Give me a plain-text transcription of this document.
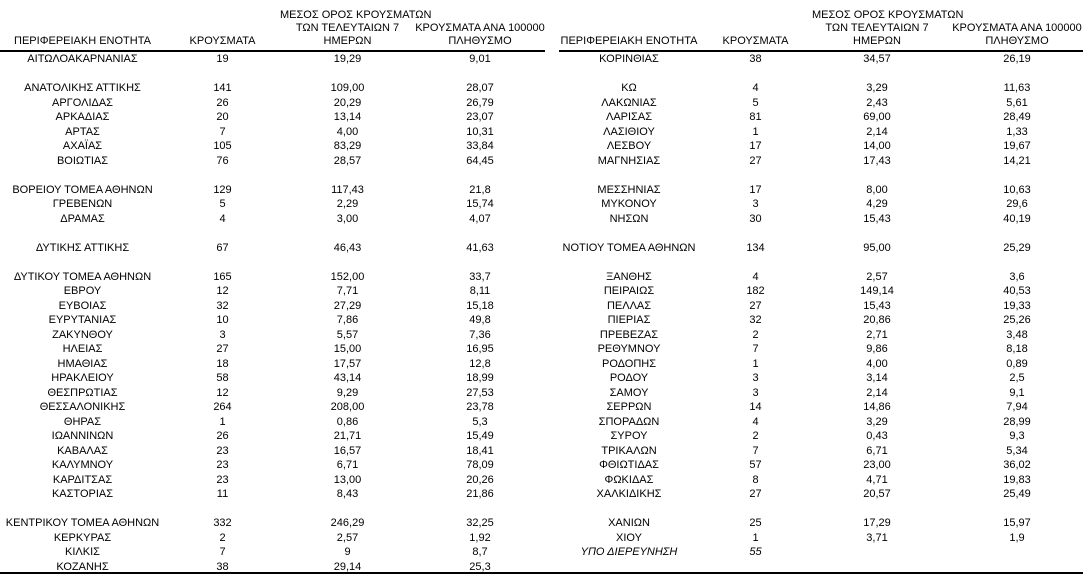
ΠΕΡΙΦΕΡΕΙΑΚΗ ΕΝΟΤΗΤΑ	ΚΡΟΥΣΜΑΤΑ	ΜΕΣΟΣ ΟΡΟΣ ΚΡΟΥΣΜΑΤΩΝ
ΤΩΝ ΤΕΛΕΥΤΑΙΩΝ 7
ΗΜΕΡΩΝ	ΚΡΟΥΣΜΑΤΑ ΑΝΑ 100000
ΠΛΗΘΥΣΜΟ

ΑΙΤΩΛΟΑΚΑΡΝΑΝΙΑΣ	19	19,29	9,01

ΑΝΑΤΟΛΙΚΗΣ ΑΤΤΙΚΗΣ	141	109,00	28,07
ΑΡΓΟΛΙΔΑΣ	26	20,29	26,79
ΑΡΚΑΔΙΑΣ	20	13,14	23,07
ΑΡΤΑΣ	7	4,00	10,31
ΑΧΑΪΑΣ	105	83,29	33,84
ΒΟΙΩΤΙΑΣ	76	28,57	64,45

ΒΟΡΕΙΟΥ ΤΟΜΕΑ ΑΘΗΝΩΝ	129	117,43	21,8
ΓΡΕΒΕΝΩΝ	5	2,29	15,74
ΔΡΑΜΑΣ	4	3,00	4,07

ΔΥΤΙΚΗΣ ΑΤΤΙΚΗΣ	67	46,43	41,63

ΔΥΤΙΚΟΥ ΤΟΜΕΑ ΑΘΗΝΩΝ	165	152,00	33,7
ΕΒΡΟΥ	12	7,71	8,11
ΕΥΒΟΙΑΣ	32	27,29	15,18
ΕΥΡΥΤΑΝΙΑΣ	10	7,86	49,8
ΖΑΚΥΝΘΟΥ	3	5,57	7,36
ΗΛΕΙΑΣ	27	15,00	16,95
ΗΜΑΘΙΑΣ	18	17,57	12,8
ΗΡΑΚΛΕΙΟΥ	58	43,14	18,99
ΘΕΣΠΡΩΤΙΑΣ	12	9,29	27,53
ΘΕΣΣΑΛΟΝΙΚΗΣ	264	208,00	23,78
ΘΗΡΑΣ	1	0,86	5,3
ΙΩΑΝΝΙΝΩΝ	26	21,71	15,49
ΚΑΒΑΛΑΣ	23	16,57	18,41
ΚΑΛΥΜΝΟΥ	23	6,71	78,09
ΚΑΡΔΙΤΣΑΣ	23	13,00	20,26
ΚΑΣΤΟΡΙΑΣ	11	8,43	21,86

ΚΕΝΤΡΙΚΟΥ ΤΟΜΕΑ ΑΘΗΝΩΝ	332	246,29	32,25
ΚΕΡΚΥΡΑΣ	2	2,57	1,92
ΚΙΛΚΙΣ	7	9	8,7
ΚΟΖΑΝΗΣ	38	29,14	25,3
ΠΕΡΙΦΕΡΕΙΑΚΗ ΕΝΟΤΗΤΑ	ΚΡΟΥΣΜΑΤΑ	ΜΕΣΟΣ ΟΡΟΣ ΚΡΟΥΣΜΑΤΩΝ
ΤΩΝ ΤΕΛΕΥΤΑΙΩΝ 7
ΗΜΕΡΩΝ	ΚΡΟΥΣΜΑΤΑ ΑΝΑ 100000
ΠΛΗΘΥΣΜΟ

ΚΟΡΙΝΘΙΑΣ	38	34,57	26,19

ΚΩ	4	3,29	11,63
ΛΑΚΩΝΙΑΣ	5	2,43	5,61
ΛΑΡΙΣΑΣ	81	69,00	28,49
ΛΑΣΙΘΙΟΥ	1	2,14	1,33
ΛΕΣΒΟΥ	17	14,00	19,67
ΜΑΓΝΗΣΙΑΣ	27	17,43	14,21

ΜΕΣΣΗΝΙΑΣ	17	8,00	10,63
ΜΥΚΟΝΟΥ	3	4,29	29,6
ΝΗΣΩΝ	30	15,43	40,19

ΝΟΤΙΟΥ ΤΟΜΕΑ ΑΘΗΝΩΝ	134	95,00	25,29

ΞΑΝΘΗΣ	4	2,57	3,6
ΠΕΙΡΑΙΩΣ	182	149,14	40,53
ΠΕΛΛΑΣ	27	15,43	19,33
ΠΙΕΡΙΑΣ	32	20,86	25,26
ΠΡΕΒΕΖΑΣ	2	2,71	3,48
ΡΕΘΥΜΝΟΥ	7	9,86	8,18
ΡΟΔΟΠΗΣ	1	4,00	0,89
ΡΟΔΟΥ	3	3,14	2,5
ΣΑΜΟΥ	3	2,14	9,1
ΣΕΡΡΩΝ	14	14,86	7,94
ΣΠΟΡΑΔΩΝ	4	3,29	28,99
ΣΥΡΟΥ	2	0,43	9,3
ΤΡΙΚΑΛΩΝ	7	6,71	5,34
ΦΘΙΩΤΙΔΑΣ	57	23,00	36,02
ΦΩΚΙΔΑΣ	8	4,71	19,83
ΧΑΛΚΙΔΙΚΗΣ	27	20,57	25,49

ΧΑΝΙΩΝ	25	17,29	15,97
ΧΙΟΥ	1	3,71	1,9
ΥΠΟ ΔΙΕΡΕΥΝΗΣΗ	55		
